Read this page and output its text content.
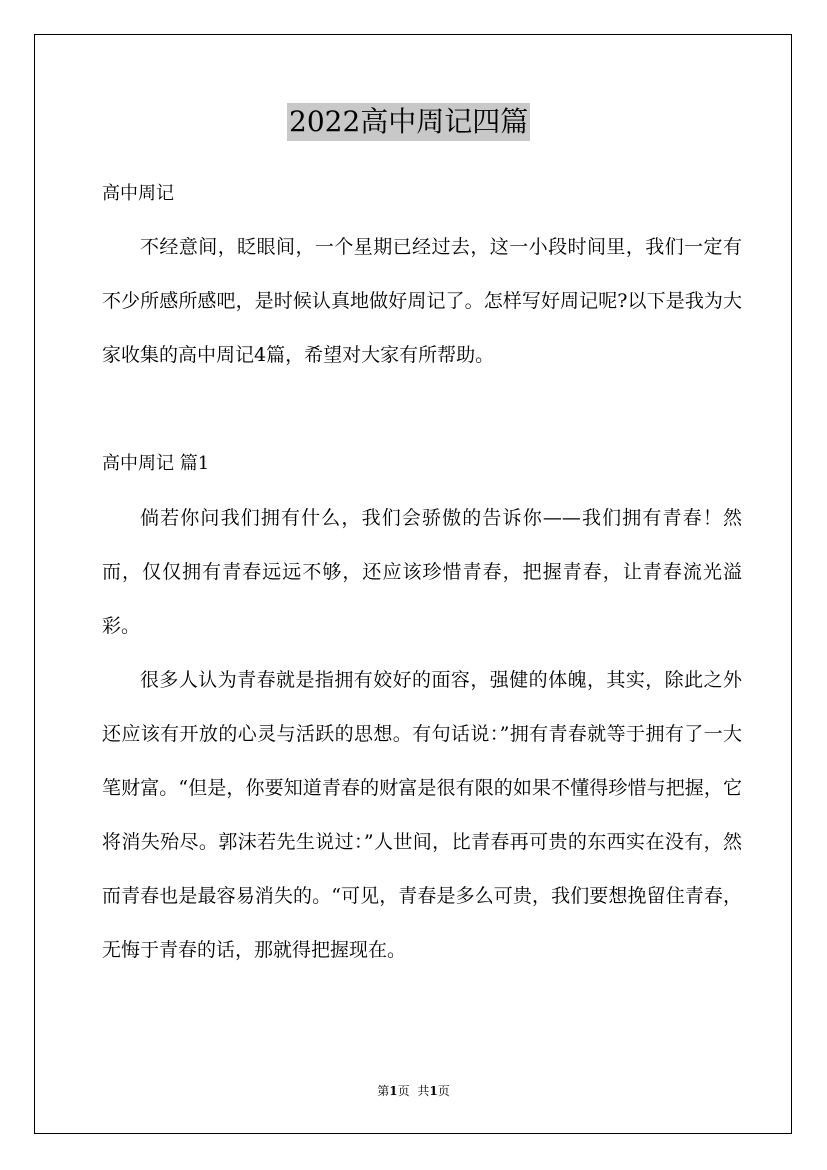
2022高中周记四篇
高中周记

不经意间，眨眼间，一个星期已经过去，这一小段时间里，我们一定有不少所感所感吧，是时候认真地做好周记了。怎样写好周记呢?以下是我为大家收集的高中周记4篇，希望对大家有所帮助。

高中周记 篇1

倘若你问我们拥有什么，我们会骄傲的告诉你——我们拥有青春！然而，仅仅拥有青春远远不够，还应该珍惜青春，把握青春，让青春流光溢彩。

很多人认为青春就是指拥有姣好的面容，强健的体魄，其实，除此之外还应该有开放的心灵与活跃的思想。有句话说：”拥有青春就等于拥有了一大笔财富。“但是，你要知道青春的财富是很有限的如果不懂得珍惜与把握，它将消失殆尽。郭沫若先生说过：”人世间，比青春再可贵的东西实在没有，然而青春也是最容易消失的。“可见，青春是多么可贵，我们要想挽留住青春，无悔于青春的话，那就得把握现在。

第1页 共1页
